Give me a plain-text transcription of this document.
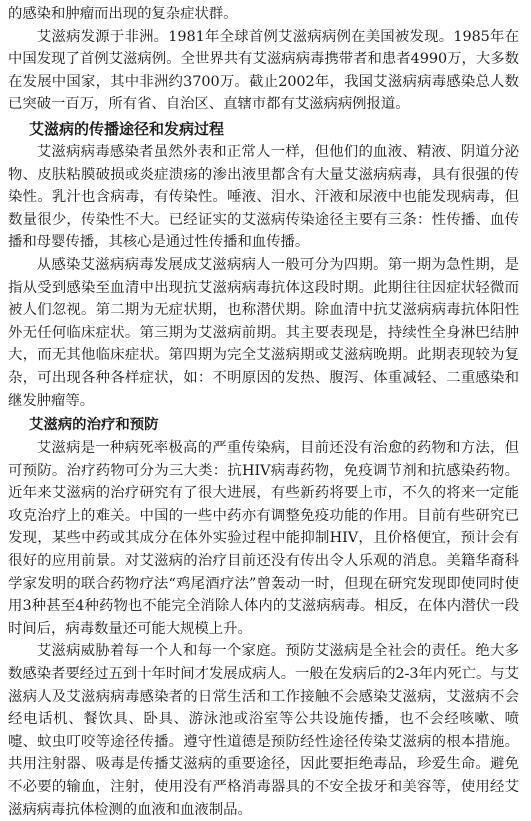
的感染和肿瘤而出现的复杂症状群。

艾滋病发源于非洲。1981年全球首例艾滋病病例在美国被发现。1985年在中国发现了首例艾滋病例。全世界共有艾滋病病毒携带者和患者4990万，大多数在发展中国家，其中非洲约3700万。截止2002年，我国艾滋病病毒感染总人数已突破一百万，所有省、自治区、直辖市都有艾滋病病例报道。

艾滋病的传播途径和发病过程

艾滋病病毒感染者虽然外表和正常人一样，但他们的血液、精液、阴道分泌物、皮肤粘膜破损或炎症溃疡的渗出液里都含有大量艾滋病病毒，具有很强的传染性。乳汁也含病毒，有传染性。唾液、泪水、汗液和尿液中也能发现病毒，但数量很少，传染性不大。已经证实的艾滋病传染途径主要有三条：性传播、血传播和母婴传播，其核心是通过性传播和血传播。

从感染艾滋病病毒发展成艾滋病病人一般可分为四期。第一期为急性期，是指从受到感染至血清中出现抗艾滋病病毒抗体这段时期。此期往往因症状轻微而被人们忽视。第二期为无症状期，也称潜伏期。除血清中抗艾滋病病毒抗体阳性外无任何临床症状。第三期为艾滋病前期。其主要表现是，持续性全身淋巴结肿大，而无其他临床症状。第四期为完全艾滋病期或艾滋病晚期。此期表现较为复杂，可出现各种各样症状，如：不明原因的发热、腹泻、体重减轻、二重感染和继发肿瘤等。

艾滋病的治疗和预防

艾滋病是一种病死率极高的严重传染病，目前还没有治愈的药物和方法，但可预防。治疗药物可分为三大类：抗HIV病毒药物，免疫调节剂和抗感染药物。近年来艾滋病的治疗研究有了很大进展，有些新药将要上市，不久的将来一定能攻克治疗上的难关。中国的一些中药亦有调整免疫功能的作用。目前有些研究已发现，某些中药或其成分在体外实验过程中能抑制HIV，且价格便宜，预计会有很好的应用前景。对艾滋病的治疗目前还没有传出令人乐观的消息。美籍华裔科学家发明的联合药物疗法“鸡尾酒疗法”曾轰动一时，但现在研究发现即使同时使用3种甚至4种药物也不能完全消除人体内的艾滋病病毒。相反，在体内潜伏一段时间后，病毒数量还可能大规模上升。

艾滋病威胁着每一个人和每一个家庭。预防艾滋病是全社会的责任。绝大多数感染者要经过五到十年时间才发展成病人。一般在发病后的2-3年内死亡。与艾滋病人及艾滋病病毒感染者的日常生活和工作接触不会感染艾滋病，艾滋病不会经电话机、餐饮具、卧具、游泳池或浴室等公共设施传播，也不会经咳嗽、喷嚏、蚊虫叮咬等途径传播。遵守性道德是预防经性途径传染艾滋病的根本措施。共用注射器、吸毒是传播艾滋病的重要途径，因此要拒绝毒品，珍爱生命。避免不必要的输血，注射，使用没有严格消毒器具的不安全拔牙和美容等，使用经艾滋病病毒抗体检测的血液和血液制品。
